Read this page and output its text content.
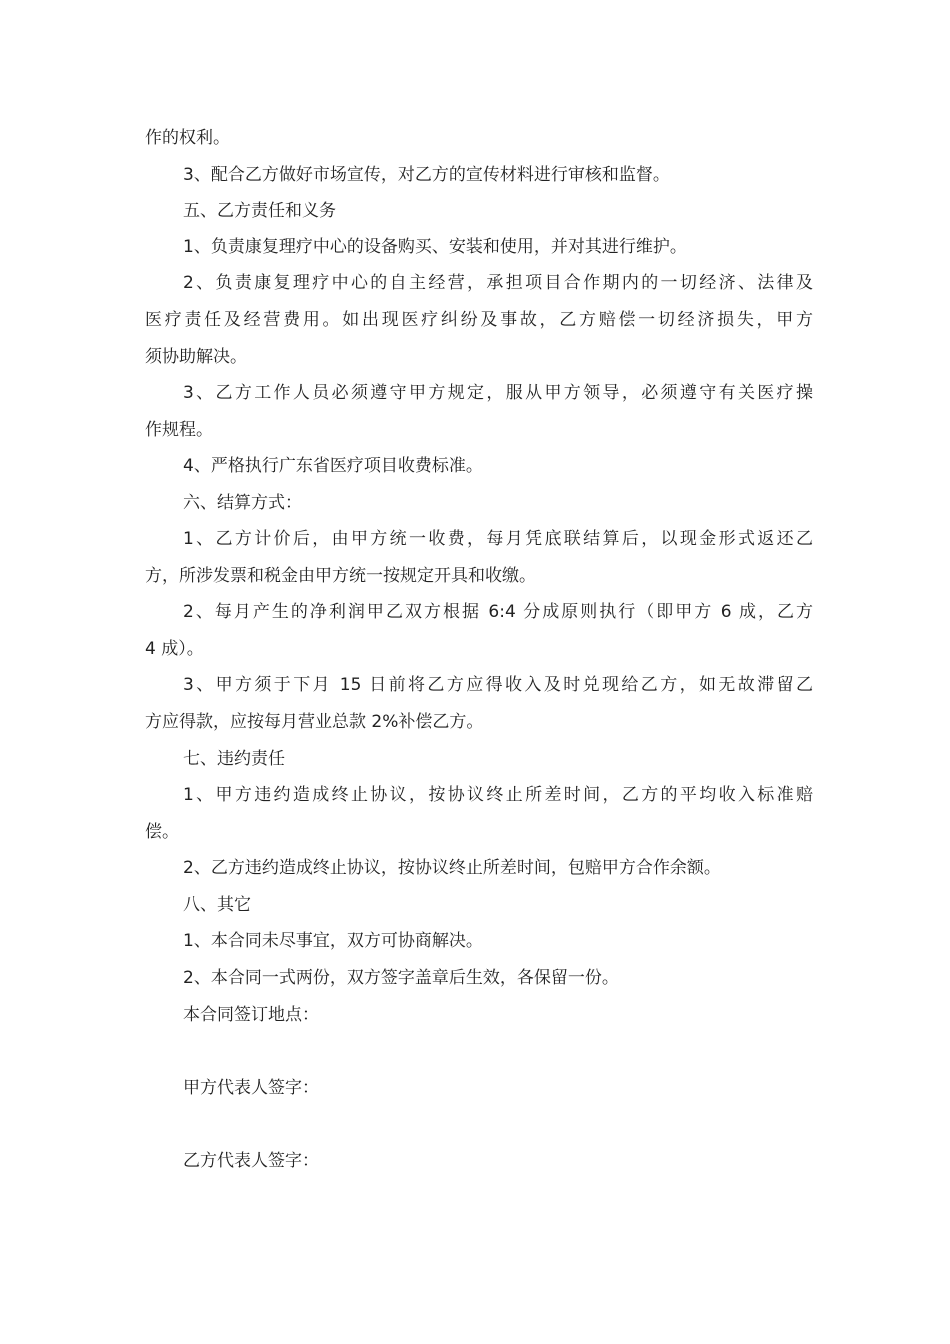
作的权利。
3、配合乙方做好市场宣传，对乙方的宣传材料进行审核和监督。
五、乙方责任和义务
1、负责康复理疗中心的设备购买、安装和使用，并对其进行维护。
2、负责康复理疗中心的自主经营，承担项目合作期内的一切经济、法律及
医疗责任及经营费用。如出现医疗纠纷及事故，乙方赔偿一切经济损失，甲方
须协助解决。
3、乙方工作人员必须遵守甲方规定，服从甲方领导，必须遵守有关医疗操
作规程。
4、严格执行广东省医疗项目收费标准。
六、结算方式：
1、乙方计价后，由甲方统一收费，每月凭底联结算后，以现金形式返还乙
方，所涉发票和税金由甲方统一按规定开具和收缴。
2、每月产生的净利润甲乙双方根据 6:4 分成原则执行（即甲方 6 成，乙方
4 成）。
3、甲方须于下月 15 日前将乙方应得收入及时兑现给乙方，如无故滞留乙
方应得款，应按每月营业总款 2%补偿乙方。
七、违约责任
1、甲方违约造成终止协议，按协议终止所差时间，乙方的平均收入标准赔
偿。
2、乙方违约造成终止协议，按协议终止所差时间，包赔甲方合作余额。
八、其它
1、本合同未尽事宜，双方可协商解决。
2、本合同一式两份，双方签字盖章后生效，各保留一份。
本合同签订地点：
甲方代表人签字：
乙方代表人签字：
